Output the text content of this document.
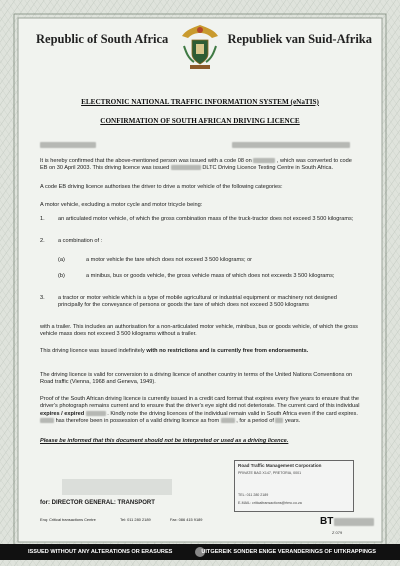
Republic of South Africa	Republiek van Suid-Afrika
ELECTRONIC NATIONAL TRAFFIC INFORMATION SYSTEM (eNaTIS)
CONFIRMATION OF SOUTH AFRICAN DRIVING LICENCE
It is hereby confirmed that the above-mentioned person was issued with a code 08 on	, which was converted to code EB on 30 April 2003. This driving licence was issued	DLTC Driving Licence Testing Centre in South Africa.
A code EB driving licence authorises the driver to drive a motor vehicle of the following categories:
A motor vehicle, excluding a motor cycle and motor tricycle being:
1. an articulated motor vehicle, of which the gross combination mass of the truck-tractor does not exceed 3 500 kilograms;
2. a combination of :
(a)	a motor vehicle the tare which does not exceed 3 500 kilograms; or
(b)	a minibus, bus or goods vehicle, the gross vehicle mass of which does not exceeds 3 500 kilograms;
3. a tractor or motor vehicle which is a type of mobile agricultural or industrial equipment or machinery not designed principally for the conveyance of persons or goods the tare of which does not exceed 3 500 kilograms
with a trailer. This includes an authorisation for a non-articulated motor vehicle, minibus, bus or goods vehicle, of which the gross vehicle mass does not exceed 3 500 kilograms without a trailer.
This driving licence was issued indefinitely with no restrictions and is currently free from endorsements.
The driving licence is valid for conversion to a driving licence of another country in terms of the United Nations Conventions on Road traffic (Vienna, 1968 and Geneva, 1949).
Proof of the South African driving licence is currently issued in a credit card format that expires every five years to ensure that the driver's photograph remains current and to ensure that the driver's eye sight did not deteriorate. The current card of this individual expires / expired	. Kindly note the driving licences of the individual remain valid in South Africa even if the card expires.  has therefore been in possession of a valid driving licence as from	, for a period of years.
Please be informed that this document should not be interpreted or used as a driving licence.
for: DIRECTOR GENERAL: TRANSPORT
Enq: Critical transactions Centre	Tel: 011 280 2189	Fax: 086 415 9189
Road Traffic Management Corporation
PRIVATE BAG X147, PRETORIA, 0001
TEL: 011 280 2189
E-MAIL: criticaltransactions@rtmc.co.za
BT
Z 079
ISSUED WITHOUT ANY ALTERATIONS OR ERASURES	UITGEREIK SONDER ENIGE VERANDERINGS OF UITKRAPPINGS
